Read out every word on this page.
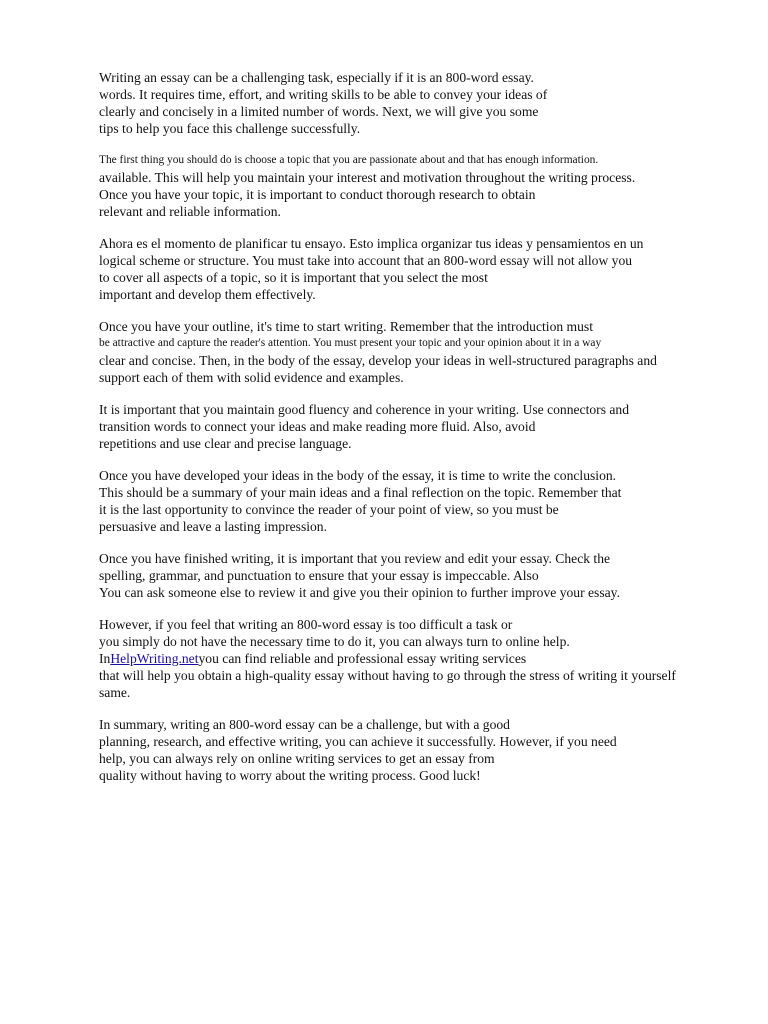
Writing an essay can be a challenging task, especially if it is an 800-word essay.
words. It requires time, effort, and writing skills to be able to convey your ideas of
clearly and concisely in a limited number of words. Next, we will give you some
tips to help you face this challenge successfully.

The first thing you should do is choose a topic that you are passionate about and that has enough information.
available. This will help you maintain your interest and motivation throughout the writing process.
Once you have your topic, it is important to conduct thorough research to obtain
relevant and reliable information.

Ahora es el momento de planificar tu ensayo. Esto implica organizar tus ideas y pensamientos en un
logical scheme or structure. You must take into account that an 800-word essay will not allow you
to cover all aspects of a topic, so it is important that you select the most
important and develop them effectively.

Once you have your outline, it's time to start writing. Remember that the introduction must
be attractive and capture the reader's attention. You must present your topic and your opinion about it in a way
clear and concise. Then, in the body of the essay, develop your ideas in well-structured paragraphs and
support each of them with solid evidence and examples.

It is important that you maintain good fluency and coherence in your writing. Use connectors and
transition words to connect your ideas and make reading more fluid. Also, avoid
repetitions and use clear and precise language.

Once you have developed your ideas in the body of the essay, it is time to write the conclusion.
This should be a summary of your main ideas and a final reflection on the topic. Remember that
it is the last opportunity to convince the reader of your point of view, so you must be
persuasive and leave a lasting impression.

Once you have finished writing, it is important that you review and edit your essay. Check the
spelling, grammar, and punctuation to ensure that your essay is impeccable. Also
You can ask someone else to review it and give you their opinion to further improve your essay.

However, if you feel that writing an 800-word essay is too difficult a task or
you simply do not have the necessary time to do it, you can always turn to online help.
InHelpWriting.netyou can find reliable and professional essay writing services
that will help you obtain a high-quality essay without having to go through the stress of writing it yourself
same.

In summary, writing an 800-word essay can be a challenge, but with a good
planning, research, and effective writing, you can achieve it successfully. However, if you need
help, you can always rely on online writing services to get an essay from
quality without having to worry about the writing process. Good luck!
